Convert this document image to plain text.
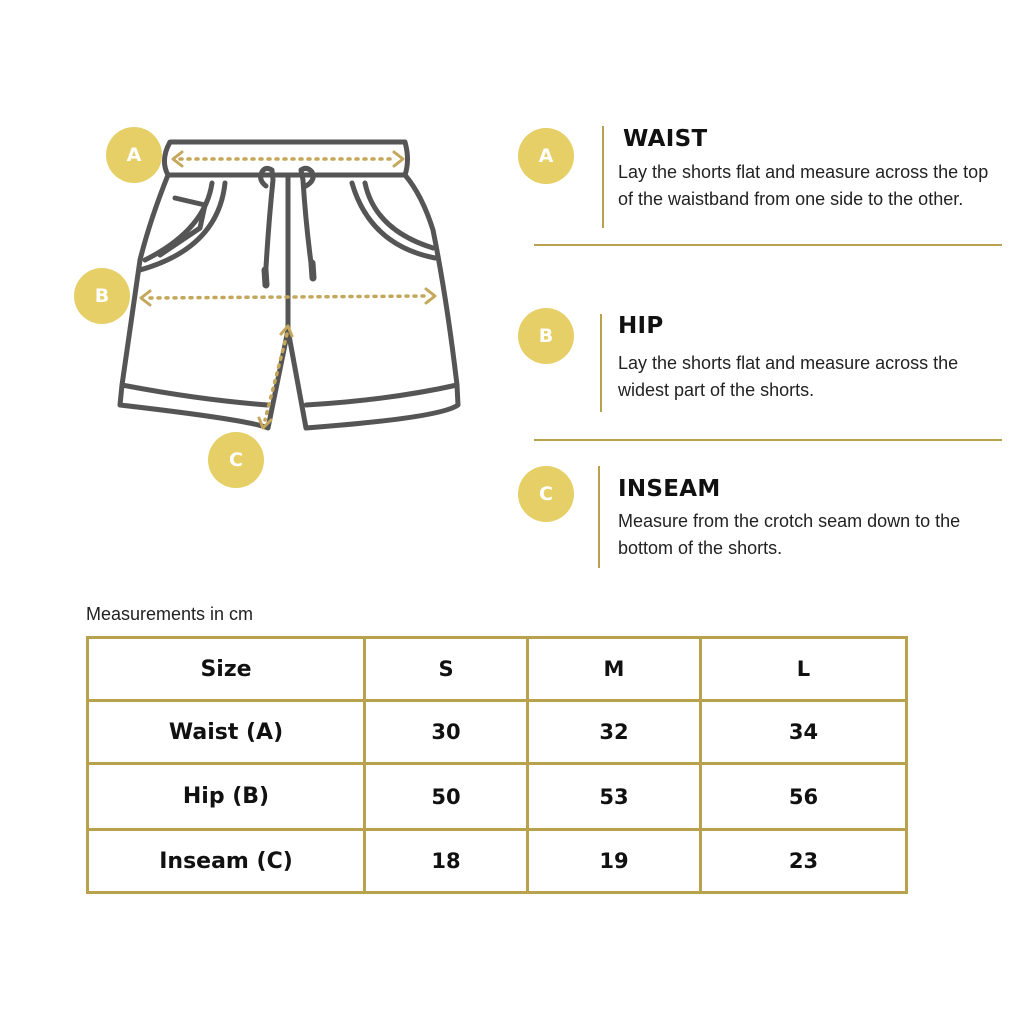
A
B
C
A
WAIST
Lay the shorts flat and measure across the top of the waistband from one side to the other.
B	HIP
Lay the shorts flat and measure across the widest part of the shorts.
C	INSEAM
Measure from the crotch seam down to the bottom of the shorts.
Measurements in cm
Size	S	M	L
Waist (A)	30	32	34
Hip (B)	50	53	56
Inseam (C)	18	19	23
